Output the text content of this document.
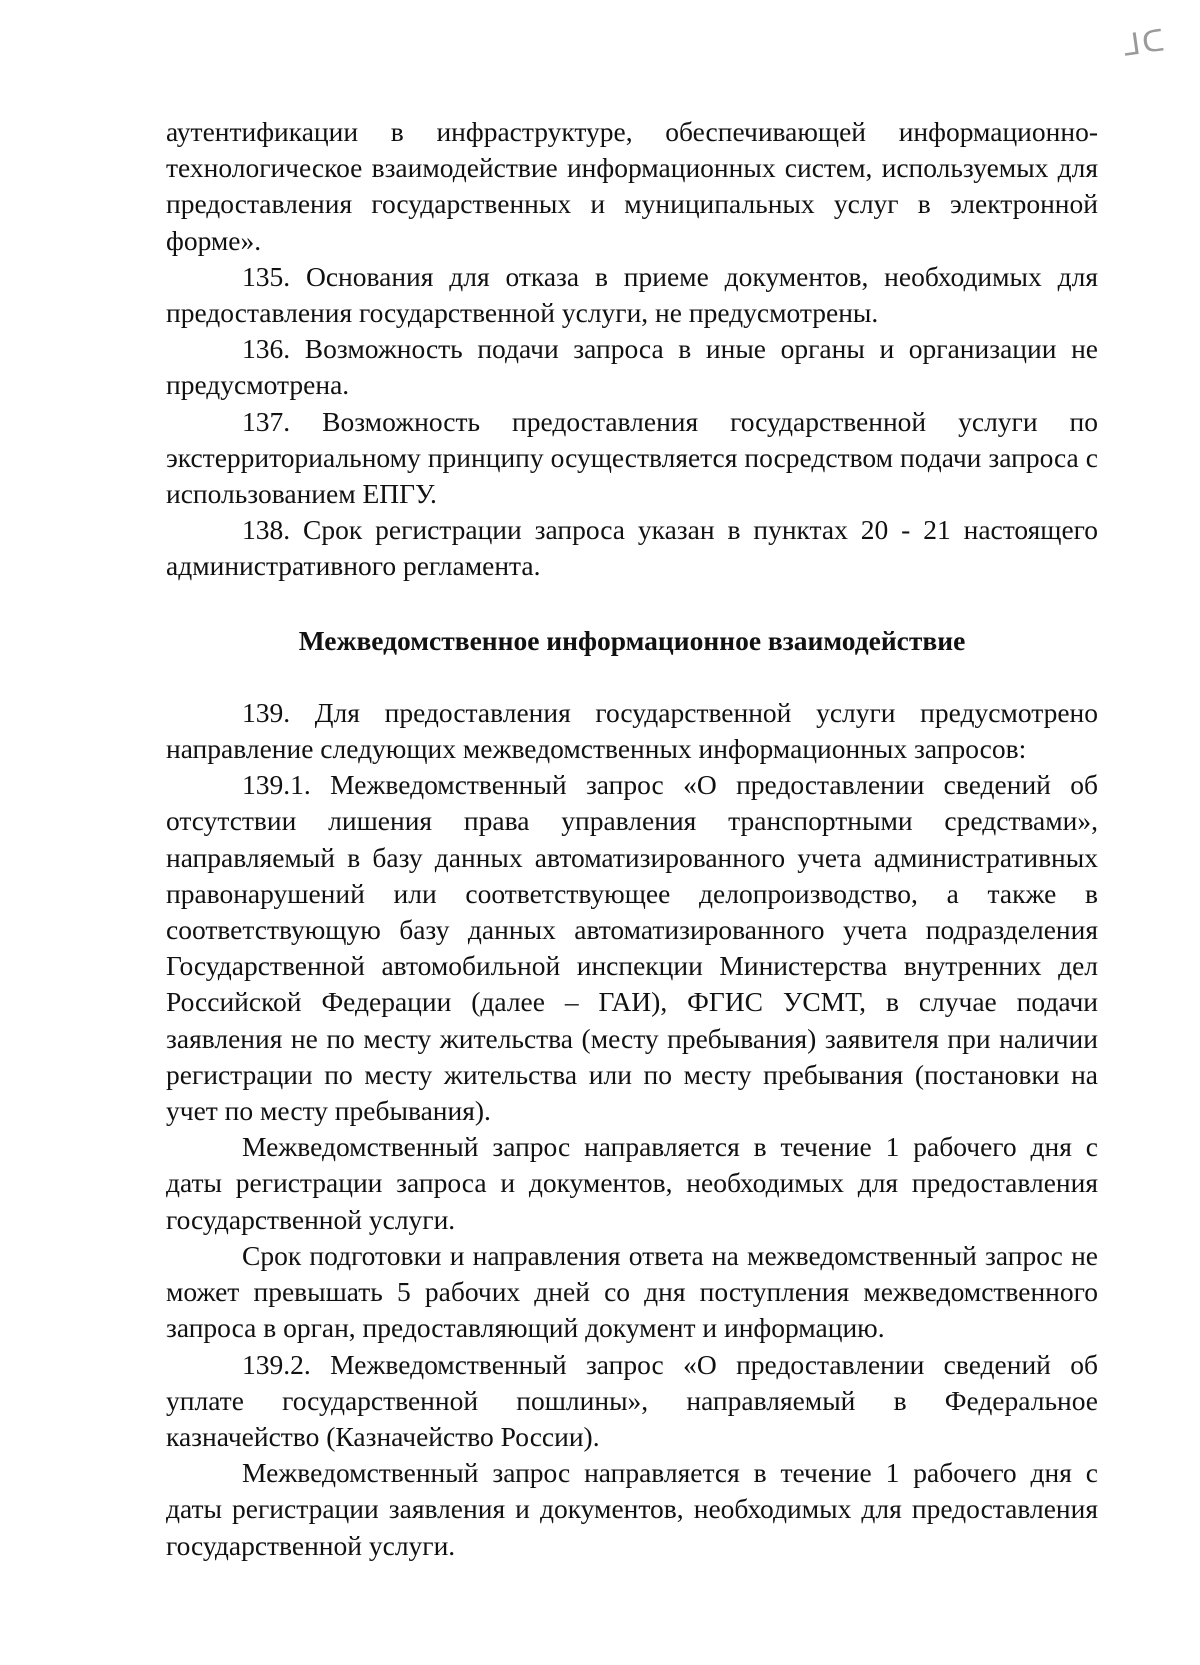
ᒧᑕ

аутентификации в инфраструктуре, обеспечивающей информационно-технологическое взаимодействие информационных систем, используемых для предоставления государственных и муниципальных услуг в электронной форме».

135. Основания для отказа в приеме документов, необходимых для предоставления государственной услуги, не предусмотрены.

136. Возможность подачи запроса в иные органы и организации не предусмотрена.

137. Возможность предоставления государственной услуги по экстерриториальному принципу осуществляется посредством подачи запроса с использованием ЕПГУ.

138. Срок регистрации запроса указан в пунктах 20 - 21 настоящего административного регламента.

Межведомственное информационное взаимодействие

139. Для предоставления государственной услуги предусмотрено направление следующих межведомственных информационных запросов:

139.1. Межведомственный запрос «О предоставлении сведений об отсутствии лишения права управления транспортными средствами», направляемый в базу данных автоматизированного учета административных правонарушений или соответствующее делопроизводство, а также в соответствующую базу данных автоматизированного учета подразделения Государственной автомобильной инспекции Министерства внутренних дел Российской Федерации (далее – ГАИ), ФГИС УСМТ, в случае подачи заявления не по месту жительства (месту пребывания) заявителя при наличии регистрации по месту жительства или по месту пребывания (постановки на учет по месту пребывания).

Межведомственный запрос направляется в течение 1 рабочего дня с даты регистрации запроса и документов, необходимых для предоставления государственной услуги.

Срок подготовки и направления ответа на межведомственный запрос не может превышать 5 рабочих дней со дня поступления межведомственного запроса в орган, предоставляющий документ и информацию.

139.2. Межведомственный запрос «О предоставлении сведений об уплате государственной пошлины», направляемый в Федеральное казначейство (Казначейство России).

Межведомственный запрос направляется в течение 1 рабочего дня с даты регистрации заявления и документов, необходимых для предоставления государственной услуги.
